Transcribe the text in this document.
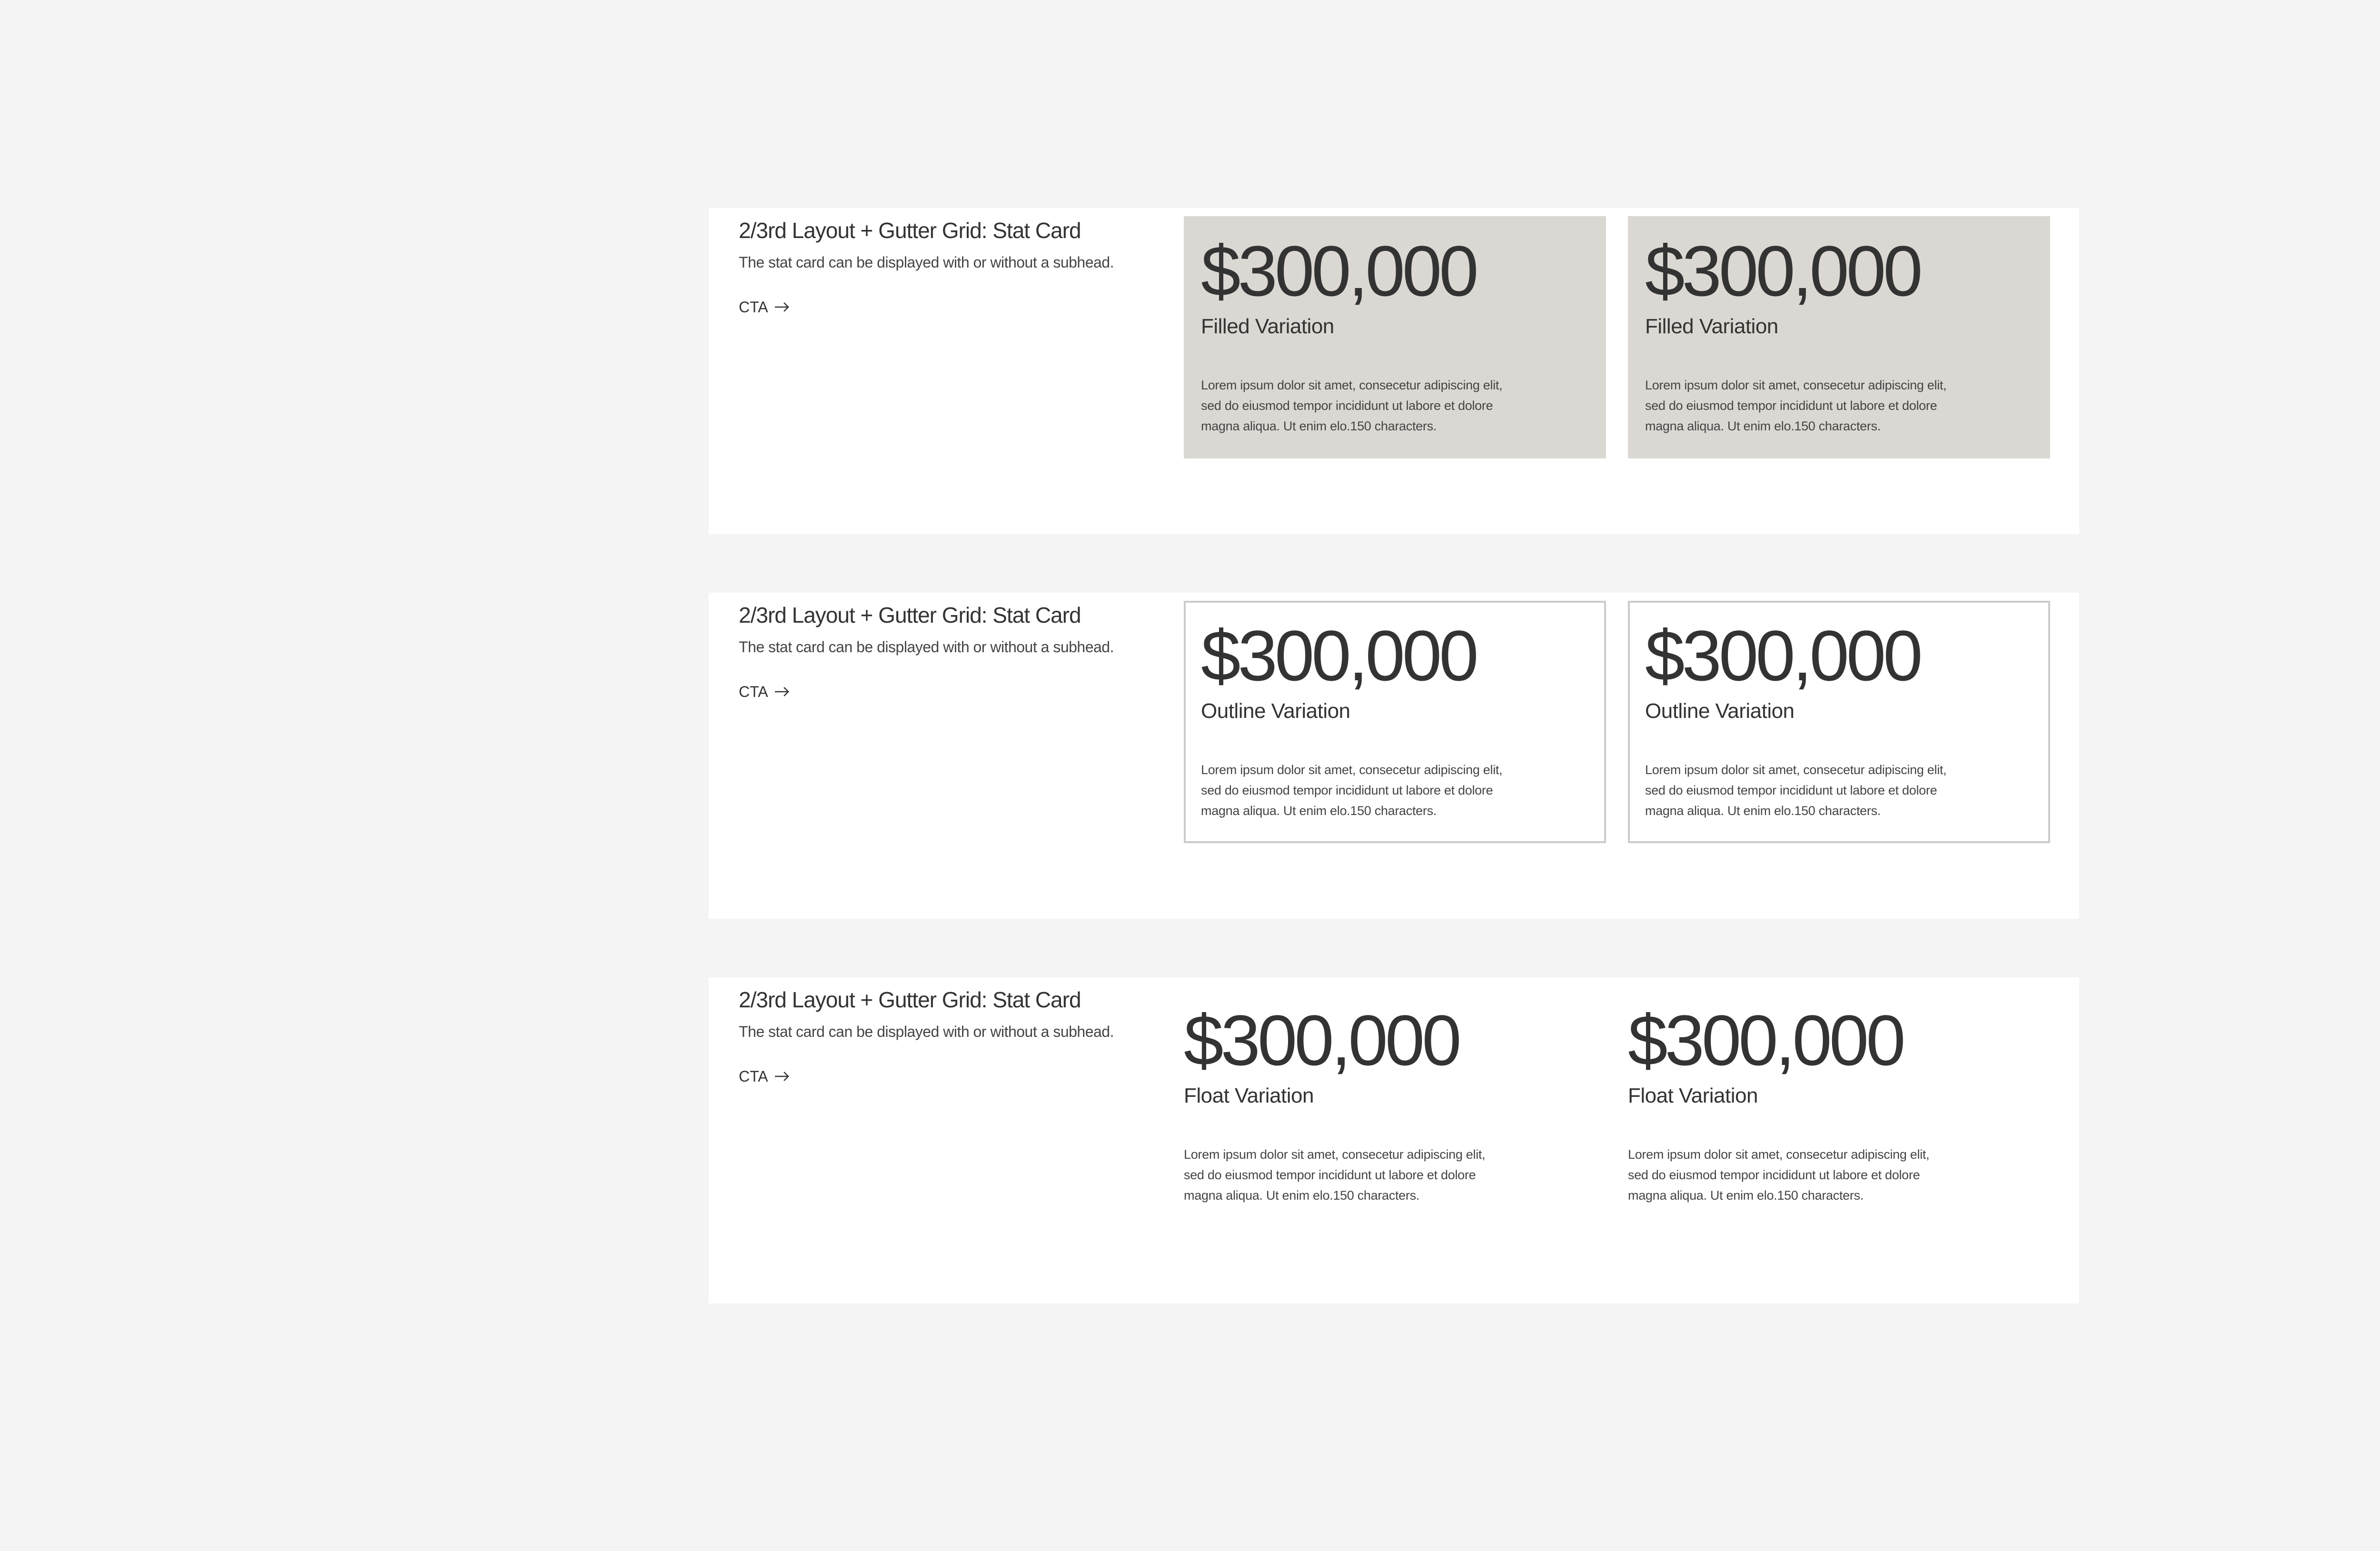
2/3rd Layout + Gutter Grid: Stat Card
The stat card can be displayed with or without a subhead.
CTA	$300,000
Filled Variation
Lorem ipsum dolor sit amet, consecetur adipiscing elit, sed do eiusmod tempor incididunt ut labore et dolore magna aliqua. Ut enim elo.150 characters.
$300,000
Filled Variation
Lorem ipsum dolor sit amet, consecetur adipiscing elit, sed do eiusmod tempor incididunt ut labore et dolore magna aliqua. Ut enim elo.150 characters.
2/3rd Layout + Gutter Grid: Stat Card
The stat card can be displayed with or without a subhead.
CTA	$300,000
Outline Variation
Lorem ipsum dolor sit amet, consecetur adipiscing elit, sed do eiusmod tempor incididunt ut labore et dolore magna aliqua. Ut enim elo.150 characters.
$300,000
Outline Variation
Lorem ipsum dolor sit amet, consecetur adipiscing elit, sed do eiusmod tempor incididunt ut labore et dolore magna aliqua. Ut enim elo.150 characters.
2/3rd Layout + Gutter Grid: Stat Card
The stat card can be displayed with or without a subhead.
CTA	$300,000
Float Variation
Lorem ipsum dolor sit amet, consecetur adipiscing elit, sed do eiusmod tempor incididunt ut labore et dolore magna aliqua. Ut enim elo.150 characters.
$300,000
Float Variation
Lorem ipsum dolor sit amet, consecetur adipiscing elit, sed do eiusmod tempor incididunt ut labore et dolore magna aliqua. Ut enim elo.150 characters.
